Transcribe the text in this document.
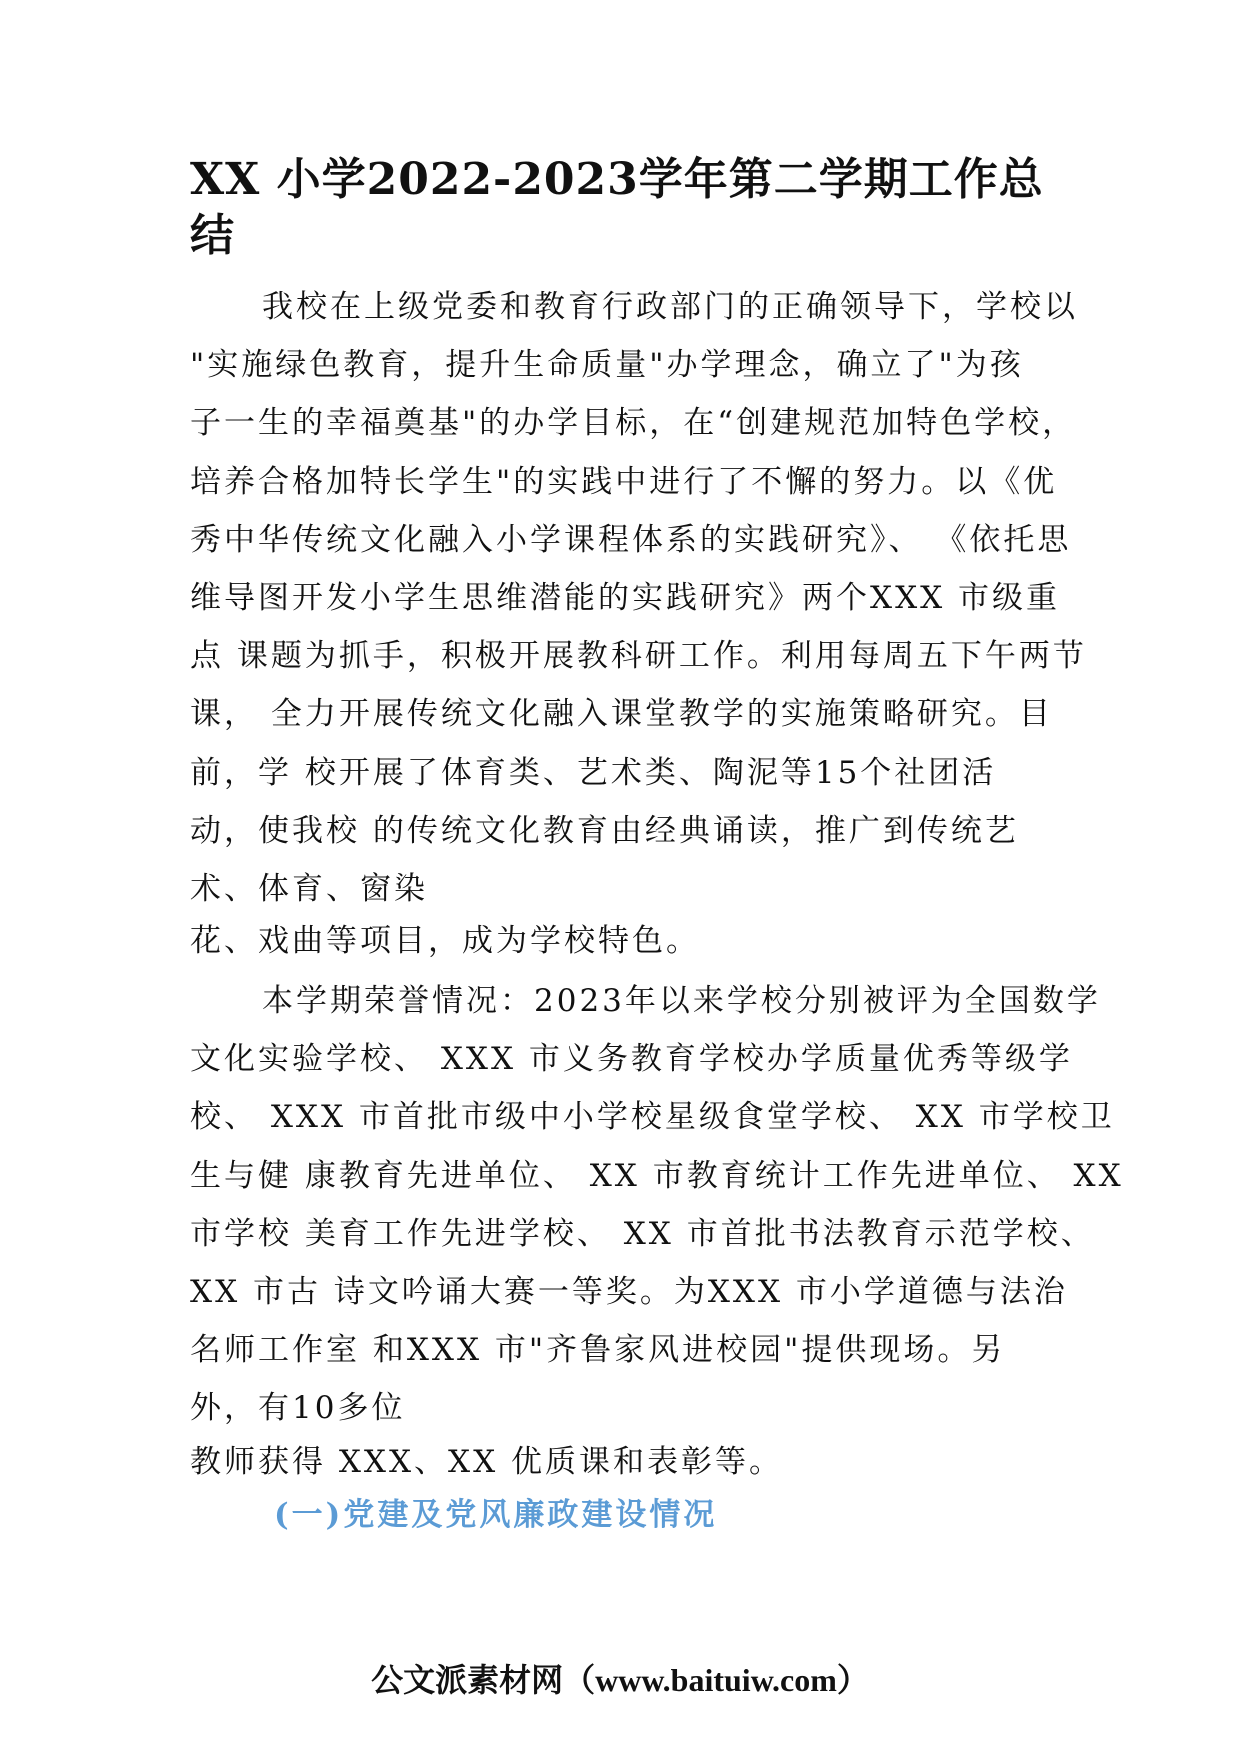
XX 小学2022-2023学年第二学期工作总
结
我校在上级党委和教育行政部门的正确领导下，学校以
"实施绿色教育，提升生命质量"办学理念，确立了"为孩
子一生的幸福奠基"的办学目标，在“创建规范加特色学校，
培养合格加特长学生"的实践中进行了不懈的努力。以《优
秀中华传统文化融入小学课程体系的实践研究》、 《依托思
维导图开发小学生思维潜能的实践研究》两个XXX 市级重
点 课题为抓手，积极开展教科研工作。利用每周五下午两节
课， 全力开展传统文化融入课堂教学的实施策略研究。目
前，学 校开展了体育类、艺术类、陶泥等15个社团活
动，使我校 的传统文化教育由经典诵读，推广到传统艺
术、体育、窗染
花、戏曲等项目，成为学校特色。
本学期荣誉情况：2023年以来学校分别被评为全国数学
文化实验学校、 XXX 市义务教育学校办学质量优秀等级学
校、 XXX 市首批市级中小学校星级食堂学校、 XX 市学校卫
生与健 康教育先进单位、 XX 市教育统计工作先进单位、 XX
市学校 美育工作先进学校、 XX 市首批书法教育示范学校、
XX 市古 诗文吟诵大赛一等奖。为XXX 市小学道德与法治
名师工作室 和XXX 市"齐鲁家风进校园"提供现场。另
外，有10多位
教师获得 XXX、XX 优质课和表彰等。
(一)党建及党风廉政建设情况

公文派素材网（www.baituiw.com）
